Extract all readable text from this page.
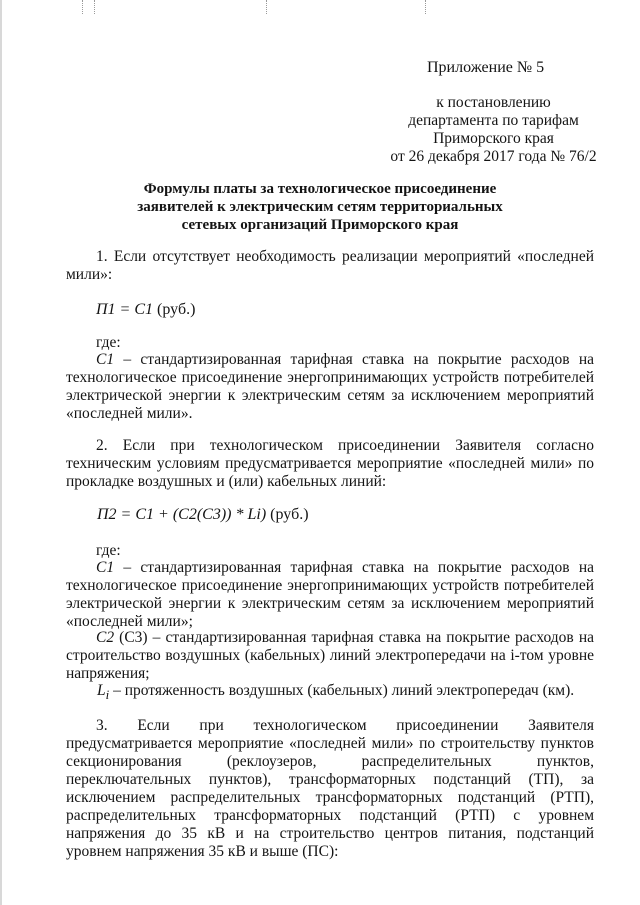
Приложение № 5
к постановлению
департамента по тарифам
Приморского края
от 26 декабря 2017 года № 76/2
Формулы платы за технологическое присоединение
заявителей к электрическим сетям территориальных
сетевых организаций Приморского края
1. Если отсутствует необходимость реализации мероприятий «последней мили»:
П1 = С1 (руб.)
где:
С1 – стандартизированная тарифная ставка на покрытие расходов на технологическое присоединение энергопринимающих устройств потребителей электрической энергии к электрическим сетям за исключением мероприятий «последней мили».
2. Если при технологическом присоединении Заявителя согласно техническим условиям предусматривается мероприятие «последней мили» по прокладке воздушных и (или) кабельных линий:
П2 = С1 + (С2(С3)) * Li) (руб.)
где:
С1 – стандартизированная тарифная ставка на покрытие расходов на технологическое присоединение энергопринимающих устройств потребителей электрической энергии к электрическим сетям за исключением мероприятий «последней мили»;
С2 (С3) – стандартизированная тарифная ставка на покрытие расходов на строительство воздушных (кабельных) линий электропередачи на i-том уровне напряжения;
$L_i$ – протяженность воздушных (кабельных) линий электропередач (км).
3. Если при технологическом присоединении Заявителя предусматривается мероприятие «последней мили» по строительству пунктов секционирования (реклоузеров, распределительных пунктов, переключательных пунктов), трансформаторных подстанций (ТП), за исключением распределительных трансформаторных подстанций (РТП), распределительных трансформаторных подстанций (РТП) с уровнем напряжения до 35 кВ и на строительство центров питания, подстанций уровнем напряжения 35 кВ и выше (ПС):
